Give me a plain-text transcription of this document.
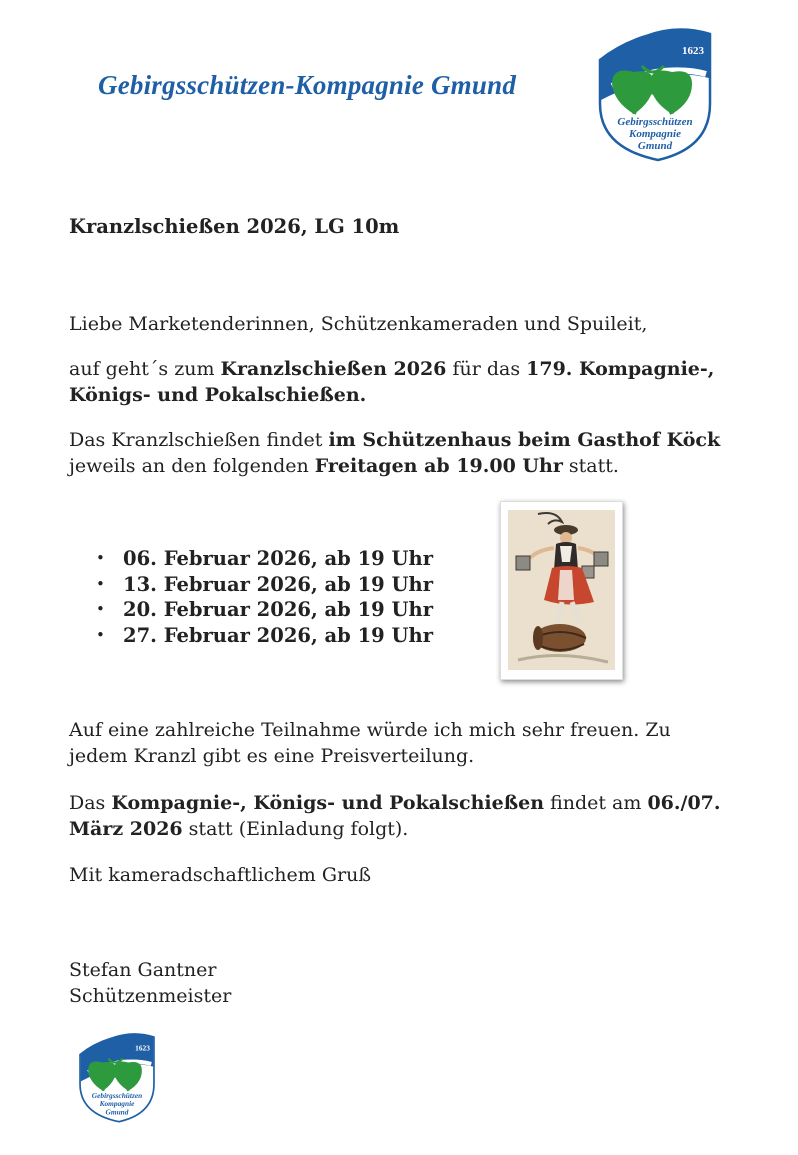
Gebirgsschützen-Kompagnie Gmund
1623
Gebirgsschützen
Kompagnie
Gmund
Kranzlschießen 2026, LG 10m
Liebe Marketenderinnen, Schützenkameraden und Spuileit,
auf geht´s zum Kranzlschießen 2026 für das 179. Kompagnie-,
Königs- und Pokalschießen.
Das Kranzlschießen findet im Schützenhaus beim Gasthof Köck
jeweils an den folgenden Freitagen ab 19.00 Uhr statt.
• 06. Februar 2026, ab 19 Uhr
• 13. Februar 2026, ab 19 Uhr
• 20. Februar 2026, ab 19 Uhr
• 27. Februar 2026, ab 19 Uhr
Auf eine zahlreiche Teilnahme würde ich mich sehr freuen. Zu
jedem Kranzl gibt es eine Preisverteilung.
Das Kompagnie-, Königs- und Pokalschießen findet am 06./07.
März 2026 statt (Einladung folgt).
Mit kameradschaftlichem Gruß
Stefan Gantner
Schützenmeister
1623
Gebirgsschützen
Kompagnie
Gmund
